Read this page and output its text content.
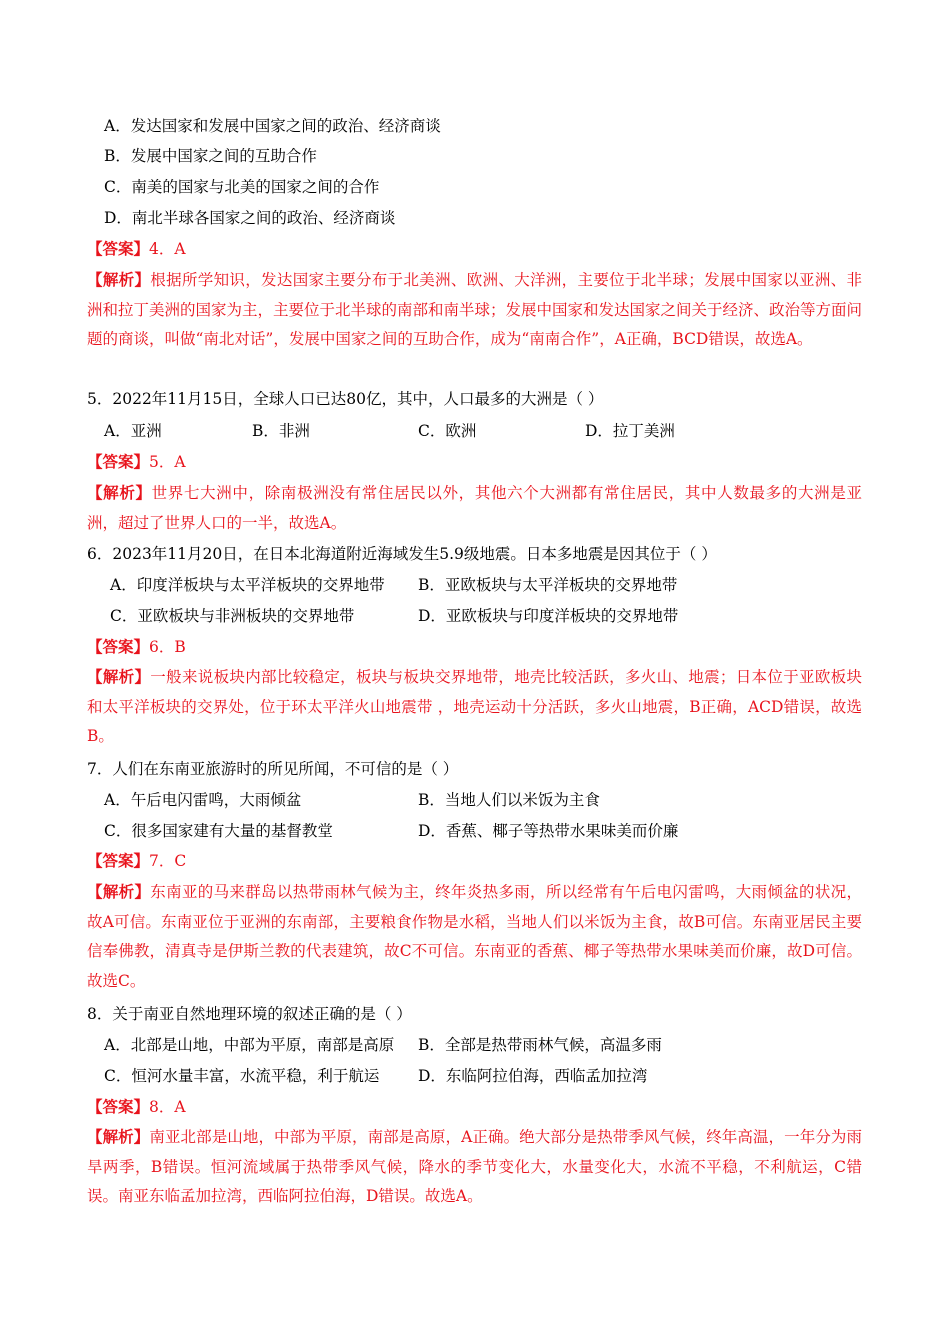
A．发达国家和发展中国家之间的政治、经济商谈
B．发展中国家之间的互助合作
C．南美的国家与北美的国家之间的合作
D．南北半球各国家之间的政治、经济商谈
【答案】4．A
【解析】根据所学知识，发达国家主要分布于北美洲、欧洲、大洋洲，主要位于北半球；发展中国家以亚洲、非洲和拉丁美洲的国家为主，主要位于北半球的南部和南半球；发展中国家和发达国家之间关于经济、政治等方面问题的商谈，叫做“南北对话”，发展中国家之间的互助合作，成为“南南合作”，A正确，BCD错误，故选A。
5．2022年11月15日，全球人口已达80亿，其中，人口最多的大洲是（ ）
A．亚洲	B．非洲	C．欧洲	D．拉丁美洲
【答案】5．A
【解析】世界七大洲中，除南极洲没有常住居民以外，其他六个大洲都有常住居民，其中人数最多的大洲是亚洲，超过了世界人口的一半，故选A。
6．2023年11月20日，在日本北海道附近海域发生5.9级地震。日本多地震是因其位于（ ）
A．印度洋板块与太平洋板块的交界地带 B．亚欧板块与太平洋板块的交界地带
C．亚欧板块与非洲板块的交界地带	D．亚欧板块与印度洋板块的交界地带
【答案】6．B
【解析】一般来说板块内部比较稳定，板块与板块交界地带，地壳比较活跃，多火山、地震；日本位于亚欧板块和太平洋板块的交界处，位于环太平洋火山地震带 ，地壳运动十分活跃，多火山地震，B正确，ACD错误，故选B。
7．人们在东南亚旅游时的所见所闻，不可信的是（ ）
A．午后电闪雷鸣，大雨倾盆	B．当地人们以米饭为主食
C．很多国家建有大量的基督教堂	D．香蕉、椰子等热带水果味美而价廉
【答案】7．C
【解析】东南亚的马来群岛以热带雨林气候为主，终年炎热多雨，所以经常有午后电闪雷鸣，大雨倾盆的状况，故A可信。东南亚位于亚洲的东南部，主要粮食作物是水稻，当地人们以米饭为主食，故B可信。东南亚居民主要信奉佛教，清真寺是伊斯兰教的代表建筑，故C不可信。东南亚的香蕉、椰子等热带水果味美而价廉，故D可信。故选C。
8．关于南亚自然地理环境的叙述正确的是（ ）
A．北部是山地，中部为平原，南部是高原 B．全部是热带雨林气候，高温多雨
C．恒河水量丰富，水流平稳，利于航运 D．东临阿拉伯海，西临孟加拉湾
【答案】8．A
【解析】南亚北部是山地，中部为平原，南部是高原，A正确。绝大部分是热带季风气候，终年高温，一年分为雨旱两季，B错误。恒河流域属于热带季风气候，降水的季节变化大，水量变化大，水流不平稳，不利航运，C错误。南亚东临孟加拉湾，西临阿拉伯海，D错误。故选A。
